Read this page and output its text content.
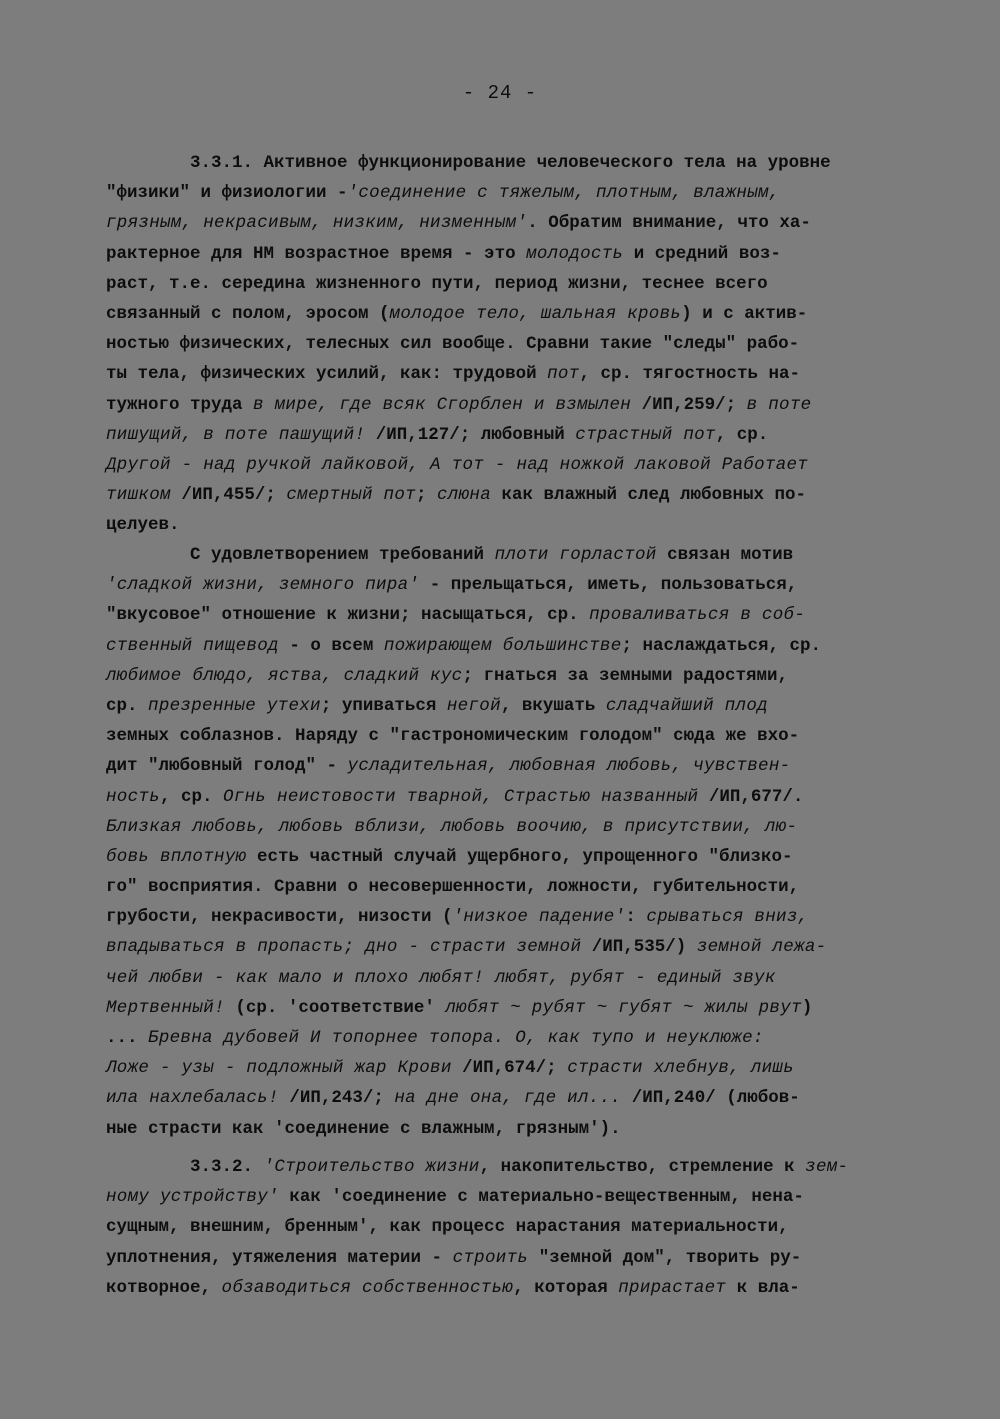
- 24 -
3.3.1. Активное функционирование человеческого тела на уровне
"физики" и физиологии -'соединение с тяжелым, плотным, влажным,
грязным, некрасивым, низким, низменным'. Обратим внимание, что ха-
рактерное для НМ возрастное время - это молодость и средний воз-
раст, т.е. середина жизненного пути, период жизни, теснее всего
связанный с полом, эросом (молодое тело, шальная кровь) и с актив-
ностью физических, телесных сил вообще. Сравни такие "следы" рабо-
ты тела, физических усилий, как: трудовой пот, ср. тягостность на-
тужного труда в мире, где всяк Сгорблен и взмылен /ИП,259/; в поте
пишущий, в поте пашущий! /ИП,127/; любовный страстный пот, ср.
Другой - над ручкой лайковой, А тот - над ножкой лаковой Работает
тишком /ИП,455/; смертный пот; слюна как влажный след любовных по-
целуев.
С удовлетворением требований плоти горластой связан мотив
'сладкой жизни, земного пира' - прельщаться, иметь, пользоваться,
"вкусовое" отношение к жизни; насыщаться, ср. проваливаться в соб-
ственный пищевод - о всем пожирающем большинстве; наслаждаться, ср.
любимое блюдо, яства, сладкий кус; гнаться за земными радостями,
ср. презренные утехи; упиваться негой, вкушать сладчайший плод
земных соблазнов. Наряду с "гастрономическим голодом" сюда же вхо-
дит "любовный голод" - усладительная, любовная любовь, чувствен-
ность, ср. Огнь неистовости тварной, Страстью названный /ИП,677/.
Близкая любовь, любовь вблизи, любовь воочию, в присутствии, лю-
бовь вплотную есть частный случай ущербного, упрощенного "близко-
го" восприятия. Сравни о несовершенности, ложности, губительности,
грубости, некрасивости, низости ('низкое падение': срываться вниз,
впадываться в пропасть; дно - страсти земной /ИП,535/) земной лежа-
чей любви - как мало и плохо любят! любят, рубят - единый звук
Мертвенный! (ср. 'соответствие' любят ~ рубят ~ губят ~ жилы рвут)
... Бревна дубовей И топорнее топора. О, как тупо и неуклюже:
Ложе - узы - подложный жар Крови /ИП,674/; страсти хлебнув, лишь
ила нахлебалась! /ИП,243/; на дне она, где ил... /ИП,240/ (любов-
ные страсти как 'соединение с влажным, грязным').
3.3.2. 'Строительство жизни, накопительство, стремление к зем-
ному устройству' как 'соединение с материально-вещественным, нена-
сущным, внешним, бренным', как процесс нарастания материальности,
уплотнения, утяжеления материи - строить "земной дом", творить ру-
котворное, обзаводиться собственностью, которая прирастает к вла-
